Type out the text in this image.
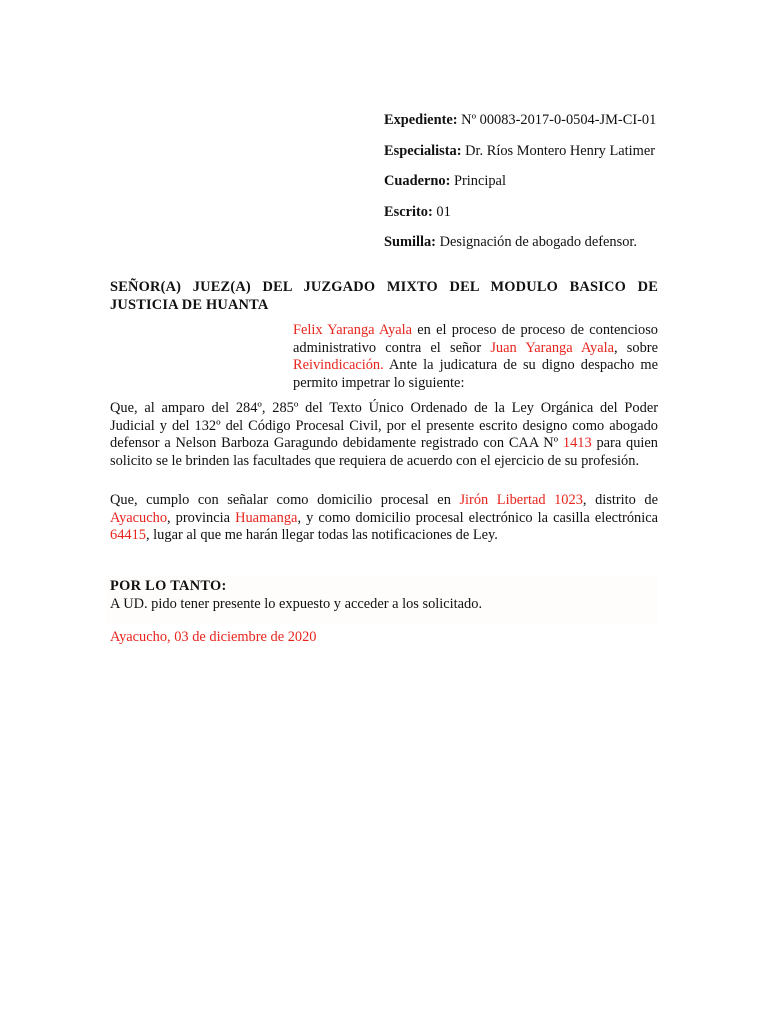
Expediente: Nº 00083-2017-0-0504-JM-CI-01
Especialista: Dr. Ríos Montero Henry Latimer
Cuaderno: Principal
Escrito: 01
Sumilla: Designación de abogado defensor.
SEÑOR(A) JUEZ(A) DEL JUZGADO MIXTO DEL MODULO BASICO DE JUSTICIA DE HUANTA
Felix Yaranga Ayala en el proceso de proceso de contencioso administrativo contra el señor Juan Yaranga Ayala, sobre Reivindicación. Ante la judicatura de su digno despacho me permito impetrar lo siguiente:
Que, al amparo del 284º, 285º del Texto Único Ordenado de la Ley Orgánica del Poder Judicial y del 132º del Código Procesal Civil, por el presente escrito designo como abogado defensor a Nelson Barboza Garagundo debidamente registrado con CAA Nº 1413 para quien solicito se le brinden las facultades que requiera de acuerdo con el ejercicio de su profesión.
Que, cumplo con señalar como domicilio procesal en Jirón Libertad 1023, distrito de Ayacucho, provincia Huamanga, y como domicilio procesal electrónico la casilla electrónica 64415, lugar al que me harán llegar todas las notificaciones de Ley.
POR LO TANTO:
A UD. pido tener presente lo expuesto y acceder a los solicitado.
Ayacucho, 03 de diciembre de 2020
